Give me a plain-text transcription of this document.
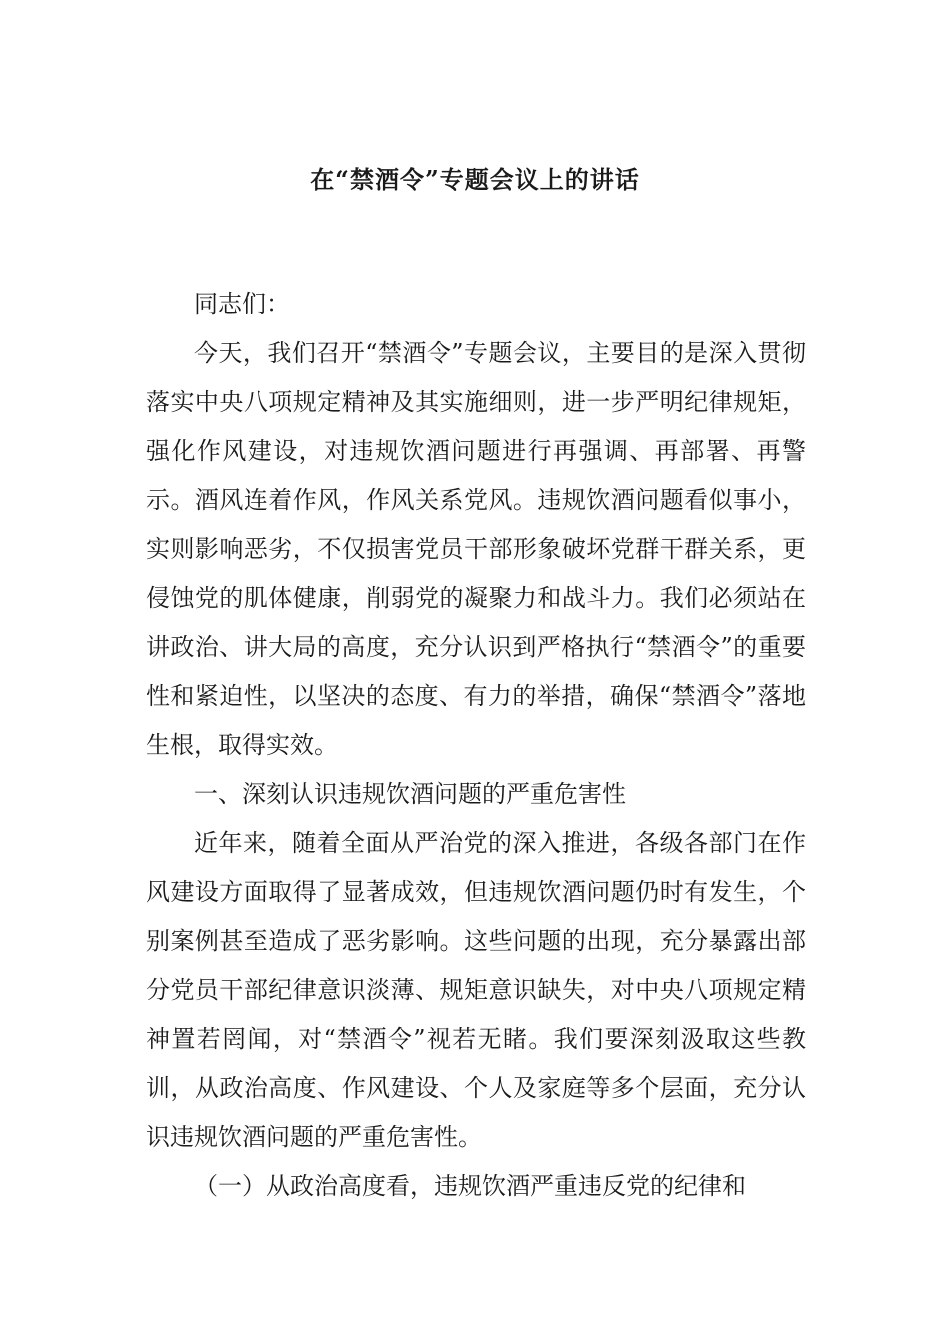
在“禁酒令”专题会议上的讲话

同志们：

今天，我们召开“禁酒令”专题会议，主要目的是深入贯彻落实中央八项规定精神及其实施细则，进一步严明纪律规矩，强化作风建设，对违规饮酒问题进行再强调、再部署、再警示。酒风连着作风，作风关系党风。违规饮酒问题看似事小，实则影响恶劣，不仅损害党员干部形象破坏党群干群关系，更侵蚀党的肌体健康，削弱党的凝聚力和战斗力。我们必须站在讲政治、讲大局的高度，充分认识到严格执行“禁酒令”的重要性和紧迫性，以坚决的态度、有力的举措，确保“禁酒令”落地生根，取得实效。

一、深刻认识违规饮酒问题的严重危害性

近年来，随着全面从严治党的深入推进，各级各部门在作风建设方面取得了显著成效，但违规饮酒问题仍时有发生，个别案例甚至造成了恶劣影响。这些问题的出现，充分暴露出部分党员干部纪律意识淡薄、规矩意识缺失，对中央八项规定精神置若罔闻，对“禁酒令”视若无睹。我们要深刻汲取这些教训，从政治高度、作风建设、个人及家庭等多个层面，充分认识违规饮酒问题的严重危害性。

（一）从政治高度看，违规饮酒严重违反党的纪律和
